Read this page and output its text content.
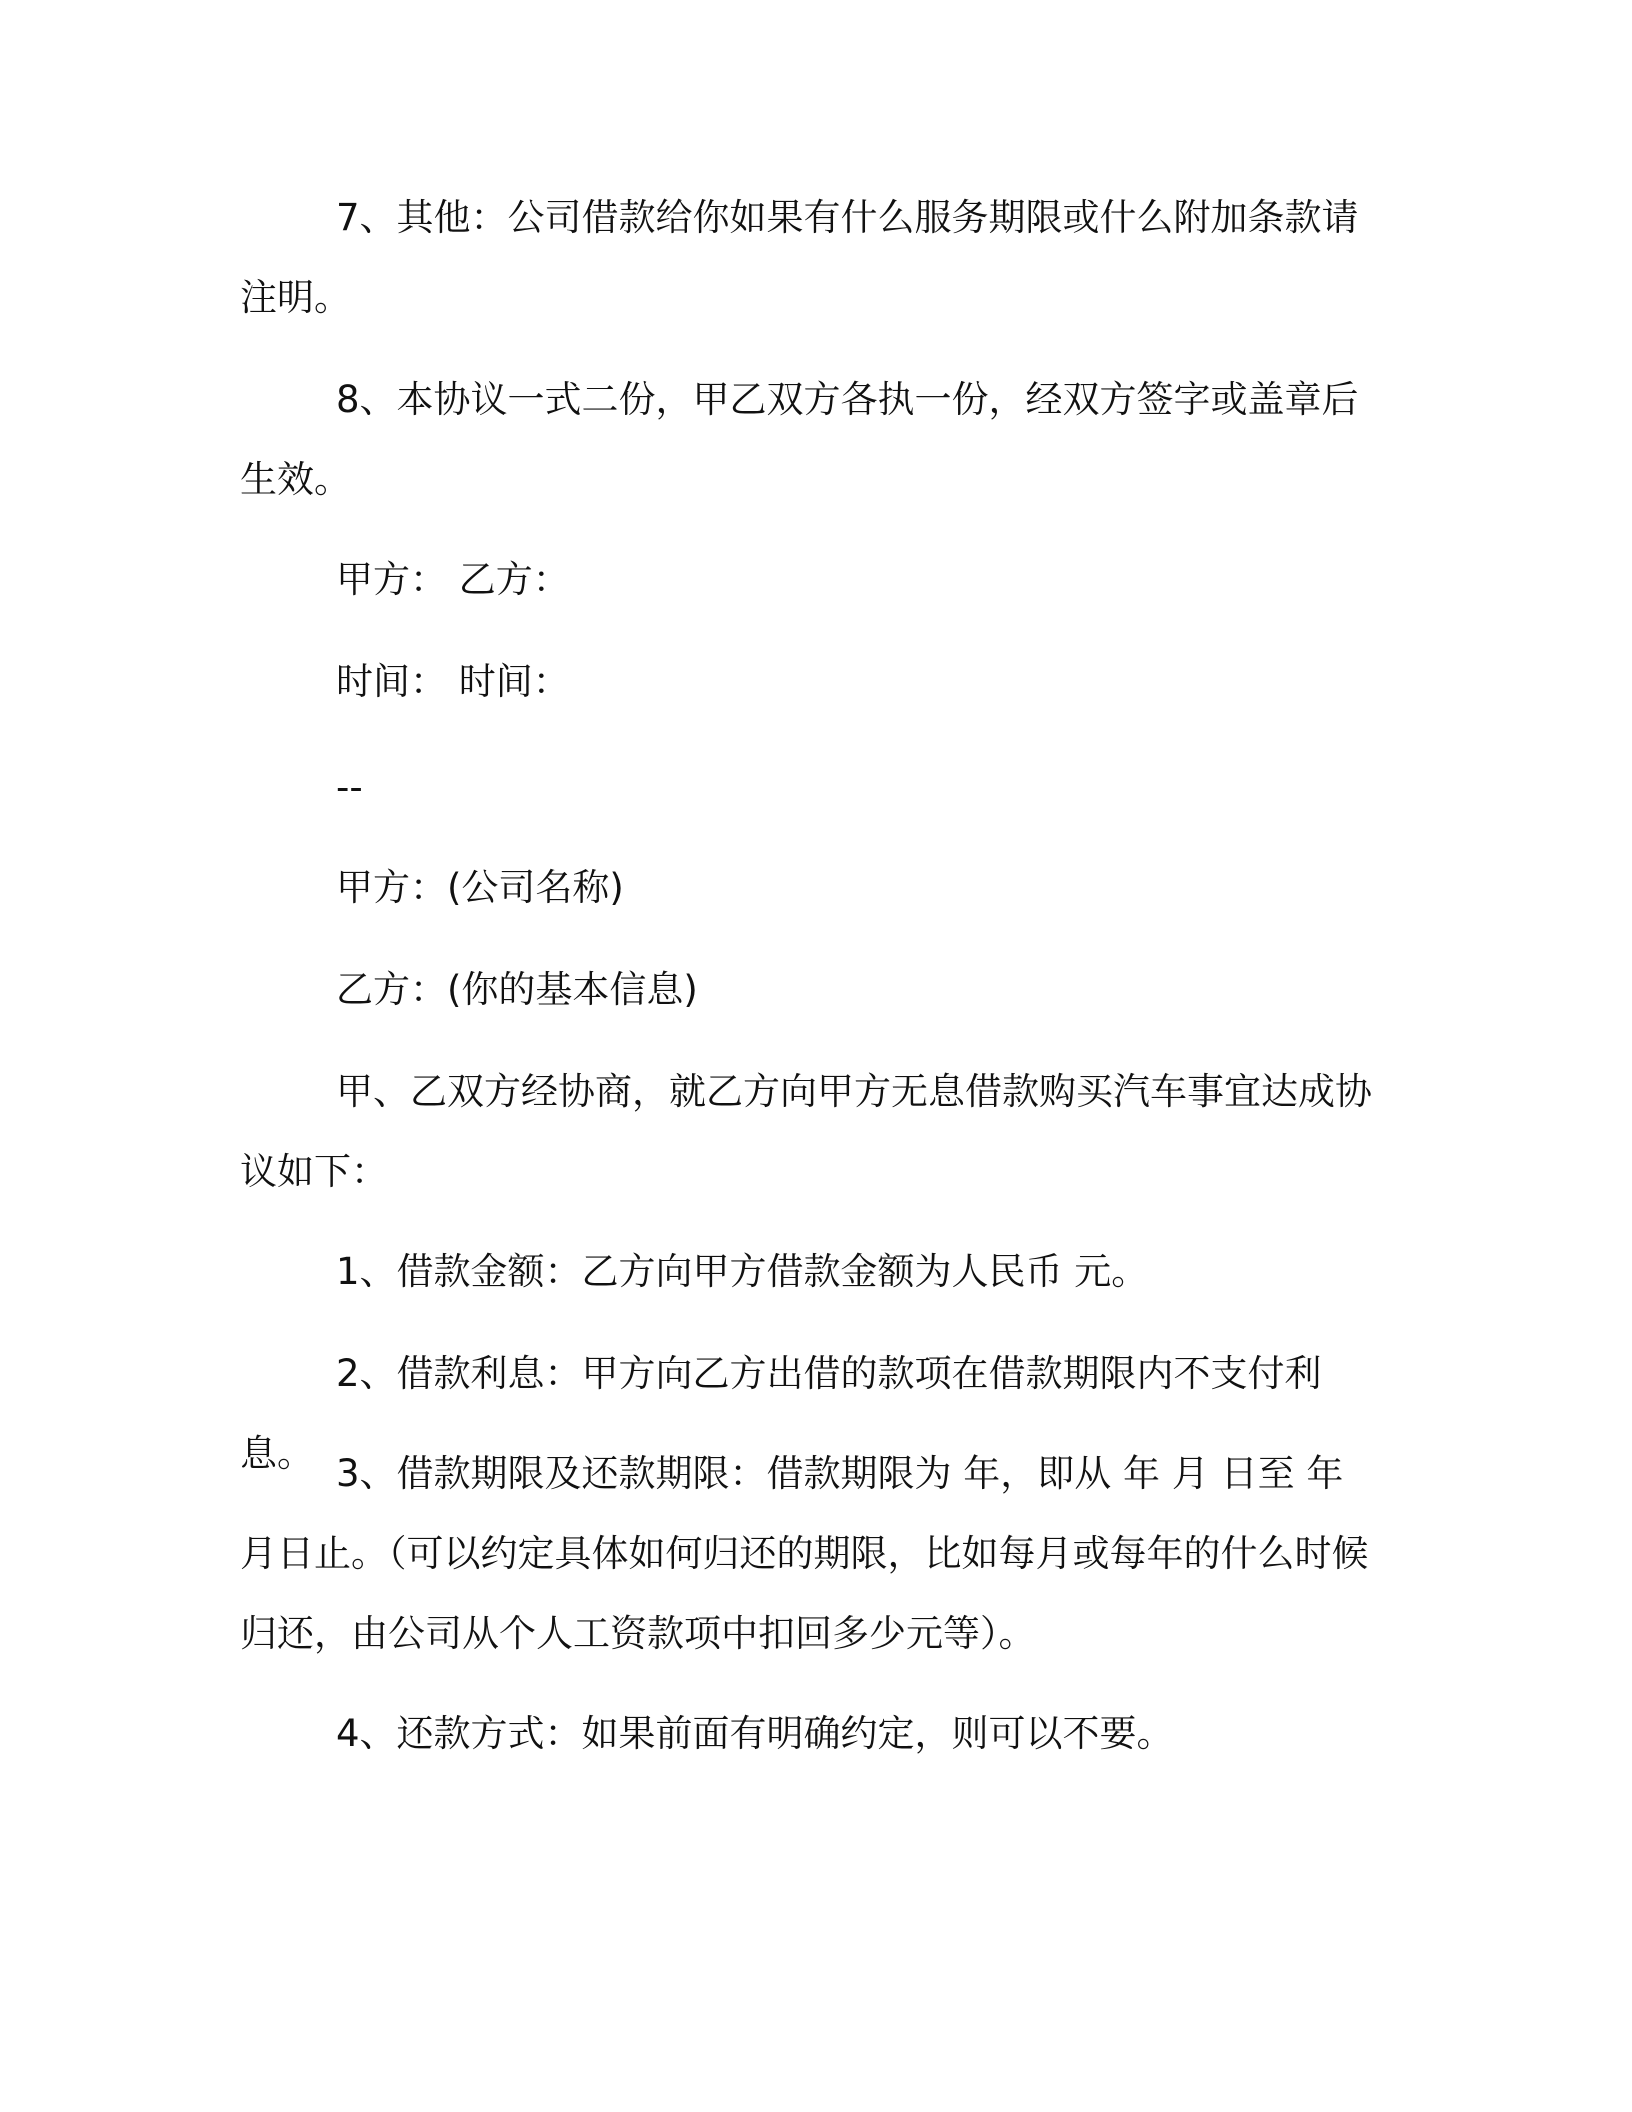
7、其他：公司借款给你如果有什么服务期限或什么附加条款请注明。

8、本协议一式二份，甲乙双方各执一份，经双方签字或盖章后生效。

甲方： 乙方：

时间： 时间：

--

甲方：(公司名称)

乙方：(你的基本信息)

甲、乙双方经协商，就乙方向甲方无息借款购买汽车事宜达成协议如下：

1、借款金额：乙方向甲方借款金额为人民币 元。

2、借款利息：甲方向乙方出借的款项在借款期限内不支付利息。 3、借款期限及还款期限：借款期限为 年，即从 年 月 日至 年 月日止。（可以约定具体如何归还的期限，比如每月或每年的什么时候归还，由公司从个人工资款项中扣回多少元等）。

4、还款方式：如果前面有明确约定，则可以不要。
